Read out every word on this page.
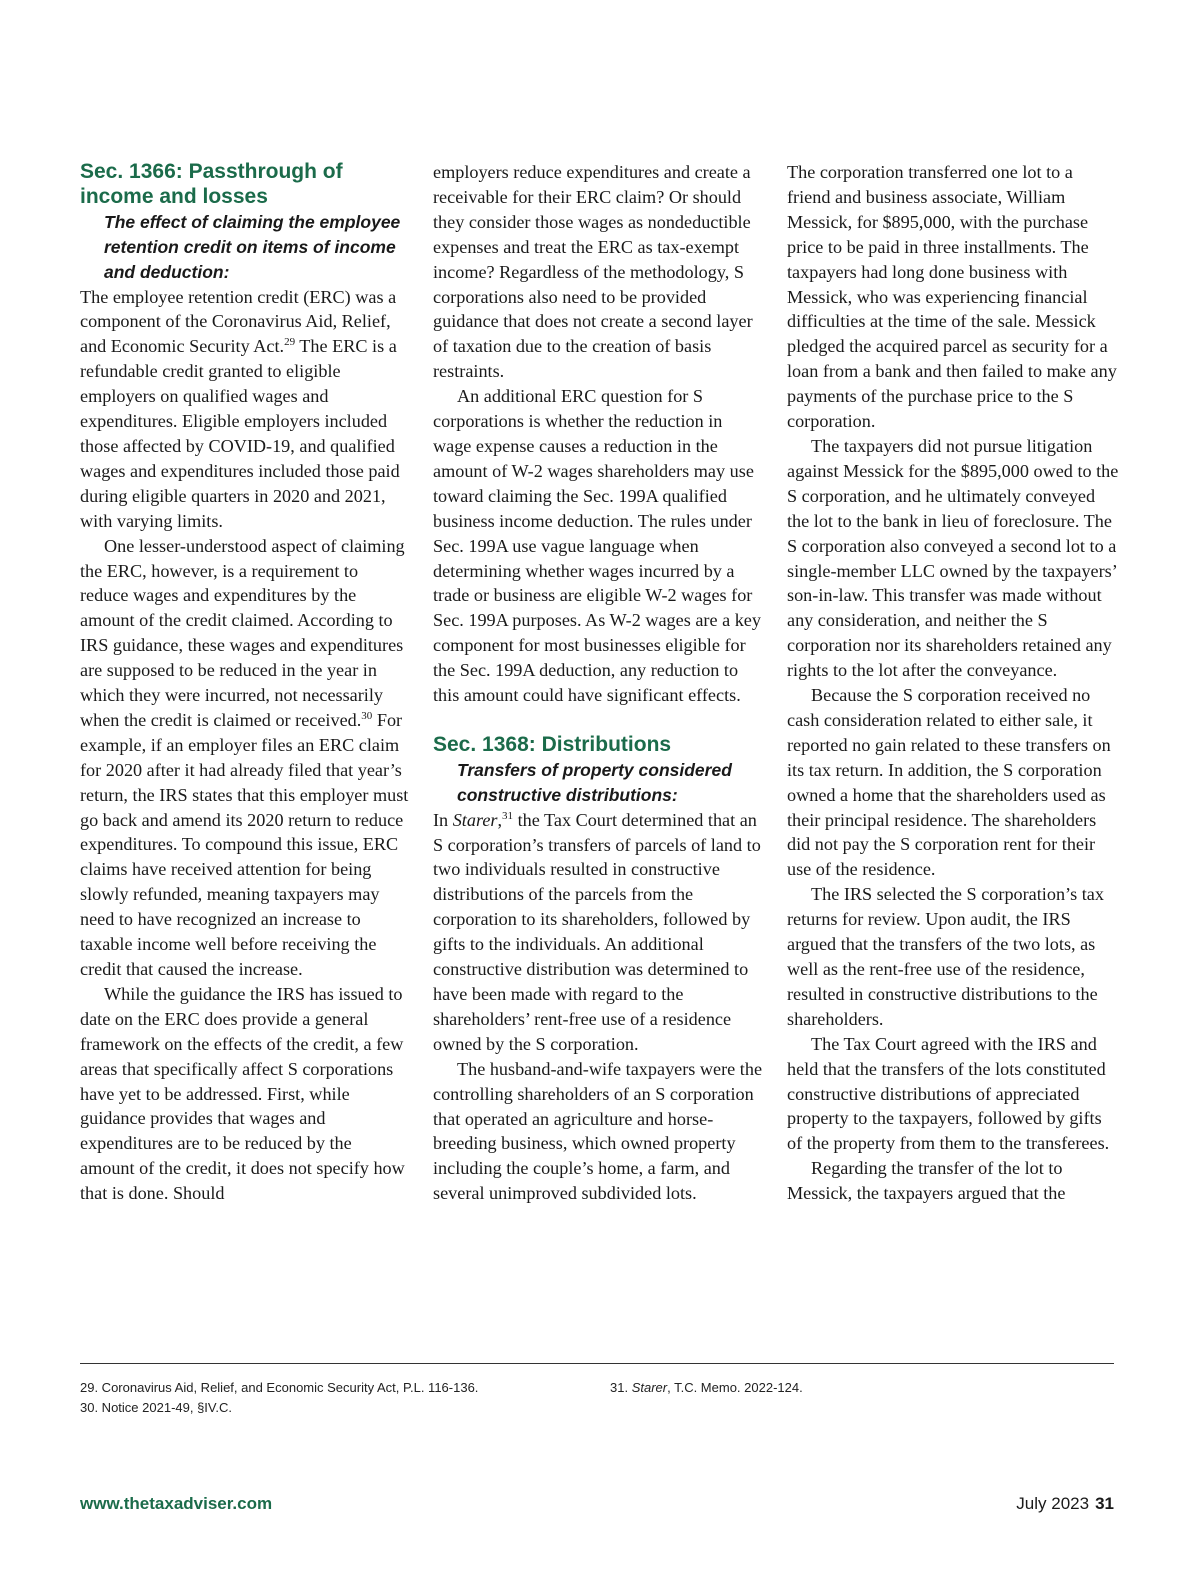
Sec. 1366: Passthrough of income and losses

The effect of claiming the employee retention credit on items of income and deduction:

The employee retention credit (ERC) was a component of the Coronavirus Aid, Relief, and Economic Security Act.$^{29}$ The ERC is a refundable credit granted to eligible employers on qualified wages and expenditures. Eligible employers included those affected by COVID-19, and qualified wages and expenditures included those paid during eligible quarters in 2020 and 2021, with varying limits.

One lesser-understood aspect of claiming the ERC, however, is a requirement to reduce wages and expenditures by the amount of the credit claimed. According to IRS guidance, these wages and expenditures are supposed to be reduced in the year in which they were incurred, not necessarily when the credit is claimed or received.$^{30}$ For example, if an employer files an ERC claim for 2020 after it had already filed that year’s return, the IRS states that this employer must go back and amend its 2020 return to reduce expenditures. To compound this issue, ERC claims have received attention for being slowly refunded, meaning taxpayers may need to have recognized an increase to taxable income well before receiving the credit that caused the increase.

While the guidance the IRS has issued to date on the ERC does provide a general framework on the effects of the credit, a few areas that specifically affect S corporations have yet to be addressed. First, while guidance provides that wages and expenditures are to be reduced by the amount of the credit, it does not specify how that is done. Should

employers reduce expenditures and create a receivable for their ERC claim? Or should they consider those wages as nondeductible expenses and treat the ERC as tax-exempt income? Regardless of the methodology, S corporations also need to be provided guidance that does not create a second layer of taxation due to the creation of basis restraints.

An additional ERC question for S corporations is whether the reduction in wage expense causes a reduction in the amount of W-2 wages shareholders may use toward claiming the Sec. 199A qualified business income deduction. The rules under Sec. 199A use vague language when determining whether wages incurred by a trade or business are eligible W-2 wages for Sec. 199A purposes. As W-2 wages are a key component for most businesses eligible for the Sec. 199A deduction, any reduction to this amount could have significant effects.

Sec. 1368: Distributions

Transfers of property considered constructive distributions:

In Starer,$^{31}$ the Tax Court determined that an S corporation’s transfers of parcels of land to two individuals resulted in constructive distributions of the parcels from the corporation to its shareholders, followed by gifts to the individuals. An additional constructive distribution was determined to have been made with regard to the shareholders’ rent-free use of a residence owned by the S corporation.

The husband-and-wife taxpayers were the controlling shareholders of an S corporation that operated an agriculture and horse-breeding business, which owned property including the couple’s home, a farm, and several unimproved subdivided lots.

The corporation transferred one lot to a friend and business associate, William Messick, for $895,000, with the purchase price to be paid in three installments. The taxpayers had long done business with Messick, who was experiencing financial difficulties at the time of the sale. Messick pledged the acquired parcel as security for a loan from a bank and then failed to make any payments of the purchase price to the S corporation.

The taxpayers did not pursue litigation against Messick for the $895,000 owed to the S corporation, and he ultimately conveyed the lot to the bank in lieu of foreclosure. The S corporation also conveyed a second lot to a single-member LLC owned by the taxpayers’ son-in-law. This transfer was made without any consideration, and neither the S corporation nor its shareholders retained any rights to the lot after the conveyance.

Because the S corporation received no cash consideration related to either sale, it reported no gain related to these transfers on its tax return. In addition, the S corporation owned a home that the shareholders used as their principal residence. The shareholders did not pay the S corporation rent for their use of the residence.

The IRS selected the S corporation’s tax returns for review. Upon audit, the IRS argued that the transfers of the two lots, as well as the rent-free use of the residence, resulted in constructive distributions to the shareholders.

The Tax Court agreed with the IRS and held that the transfers of the lots constituted constructive distributions of appreciated property to the taxpayers, followed by gifts of the property from them to the transferees.

Regarding the transfer of the lot to Messick, the taxpayers argued that the

29. Coronavirus Aid, Relief, and Economic Security Act, P.L. 116-136.
30. Notice 2021-49, §IV.C.
31. Starer, T.C. Memo. 2022-124.
www.thetaxadviser.com	July 2023 31
